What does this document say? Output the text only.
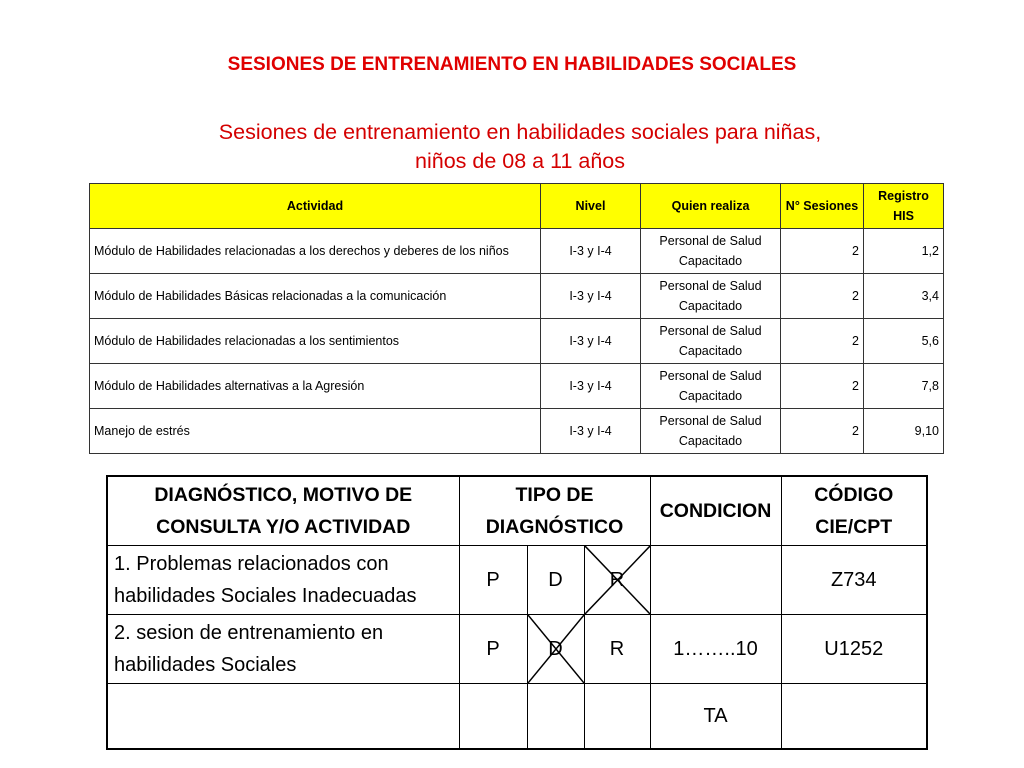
SESIONES DE ENTRENAMIENTO EN HABILIDADES SOCIALES
Sesiones de entrenamiento en habilidades sociales para niñas,
niños de 08 a 11 años
Actividad	Nivel	Quien realiza	N° Sesiones	Registro HIS
Módulo de Habilidades relacionadas a los derechos y deberes de los niños	I-3 y I-4	Personal de Salud Capacitado	2	1,2
Módulo de Habilidades Básicas relacionadas a la comunicación	I-3 y I-4	Personal de Salud Capacitado	2	3,4
Módulo de Habilidades relacionadas a los sentimientos	I-3 y I-4	Personal de Salud Capacitado	2	5,6
Módulo de Habilidades alternativas a la Agresión	I-3 y I-4	Personal de Salud Capacitado	2	7,8
Manejo de estrés	I-3 y I-4	Personal de Salud Capacitado	2	9,10
DIAGNÓSTICO, MOTIVO DE CONSULTA Y/O ACTIVIDAD	TIPO DE DIAGNÓSTICO			CONDICION	CÓDIGO CIE/CPT
1. Problemas relacionados con habilidades Sociales Inadecuadas	P	D	R		Z734
2. sesion de entrenamiento en habilidades Sociales	P	D	R	1……..10	U1252
				TA	
